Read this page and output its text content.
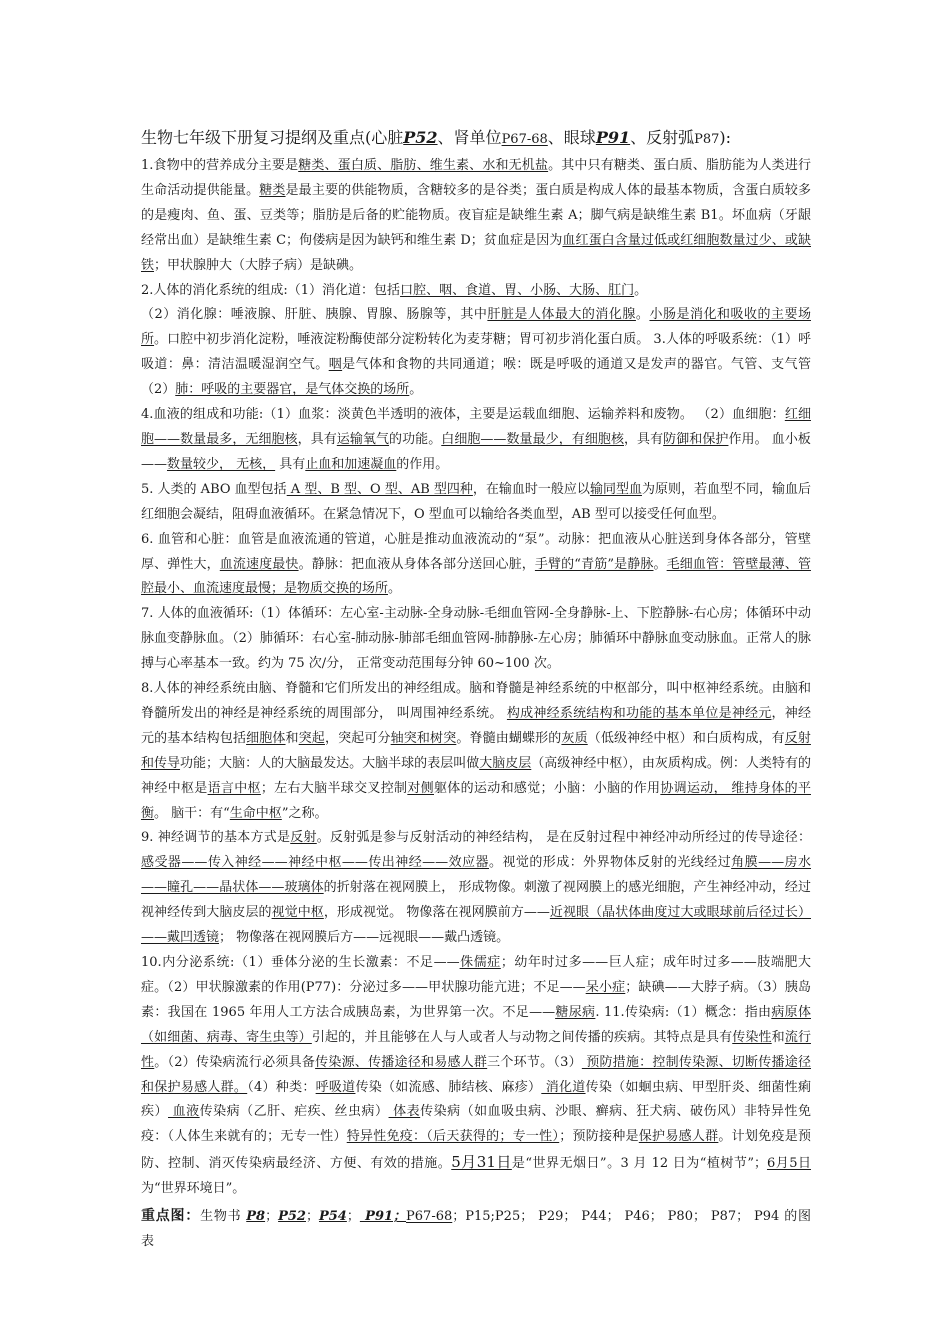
生物七年级下册复习提纲及重点(心脏P52、肾单位P67-68、眼球P91、反射弧P87):

1.食物中的营养成分主要是糖类、蛋白质、脂肪、维生素、水和无机盐。其中只有糖类、蛋白质、脂肪能为人类进行生命活动提供能量。糖类是最主要的供能物质，含糖较多的是谷类；蛋白质是构成人体的最基本物质，含蛋白质较多的是瘦肉、鱼、蛋、豆类等；脂肪是后备的贮能物质。夜盲症是缺维生素 A；脚气病是缺维生素 B1。坏血病（牙龈经常出血）是缺维生素 C；佝偻病是因为缺钙和维生素 D；贫血症是因为血红蛋白含量过低或红细胞数量过少、或缺铁；甲状腺肿大（大脖子病）是缺碘。

2.人体的消化系统的组成:（1）消化道：包括口腔、咽、食道、胃、小肠、大肠、肛门。

（2）消化腺：唾液腺、肝脏、胰腺、胃腺、肠腺等，其中肝脏是人体最大的消化腺。小肠是消化和吸收的主要场所。口腔中初步消化淀粉，唾液淀粉酶使部分淀粉转化为麦芽糖；胃可初步消化蛋白质。 3.人体的呼吸系统：（1）呼吸道：鼻：清洁温暖湿润空气。咽是气体和食物的共同通道；喉：既是呼吸的通道又是发声的器官。气管、支气管（2）肺：呼吸的主要器官，是气体交换的场所。

4.血液的组成和功能:（1）血浆：淡黄色半透明的液体，主要是运载血细胞、运输养料和废物。 （2）血细胞：红细胞——数量最多，无细胞核，具有运输氧气的功能。白细胞——数量最少，有细胞核，具有防御和保护作用。 血小板——数量较少， 无核， 具有止血和加速凝血的作用。

5. 人类的 ABO 血型包括 A 型、B 型、O 型、AB 型四种，在输血时一般应以输同型血为原则，若血型不同，输血后红细胞会凝结，阻碍血液循环。在紧急情况下，O 型血可以输给各类血型，AB 型可以接受任何血型。

6. 血管和心脏：血管是血液流通的管道，心脏是推动血液流动的“泵”。动脉：把血液从心脏送到身体各部分，管壁厚、弹性大，血流速度最快。静脉：把血液从身体各部分送回心脏，手臂的“青筋”是静脉。毛细血管：管壁最薄、管腔最小、血流速度最慢；是物质交换的场所。

7. 人体的血液循环:（1）体循环：左心室-主动脉-全身动脉-毛细血管网-全身静脉-上、下腔静脉-右心房；体循环中动脉血变静脉血。（2）肺循环：右心室-肺动脉-肺部毛细血管网-肺静脉-左心房；肺循环中静脉血变动脉血。正常人的脉搏与心率基本一致。约为 75 次/分， 正常变动范围每分钟 60~100 次。

8.人体的神经系统由脑、脊髓和它们所发出的神经组成。脑和脊髓是神经系统的中枢部分，叫中枢神经系统。由脑和脊髓所发出的神经是神经系统的周围部分， 叫周围神经系统。 构成神经系统结构和功能的基本单位是神经元，神经元的基本结构包括细胞体和突起，突起可分轴突和树突。脊髓由蝴蝶形的灰质（低级神经中枢）和白质构成，有反射和传导功能；大脑：人的大脑最发达。大脑半球的表层叫做大脑皮层（高级神经中枢），由灰质构成。例：人类特有的神经中枢是语言中枢；左右大脑半球交叉控制对侧躯体的运动和感觉；小脑：小脑的作用协调运动， 维持身体的平衡。 脑干：有“生命中枢”之称。

9. 神经调节的基本方式是反射。反射弧是参与反射活动的神经结构， 是在反射过程中神经冲动所经过的传导途径：感受器——传入神经——神经中枢——传出神经——效应器。视觉的形成：外界物体反射的光线经过角膜——房水——瞳孔——晶状体——玻璃体的折射落在视网膜上， 形成物像。刺激了视网膜上的感光细胞，产生神经冲动，经过视神经传到大脑皮层的视觉中枢，形成视觉。 物像落在视网膜前方——近视眼（晶状体曲度过大或眼球前后径过长）——戴凹透镜； 物像落在视网膜后方——远视眼——戴凸透镜。

10.内分泌系统:（1）垂体分泌的生长激素：不足——侏儒症；幼年时过多——巨人症；成年时过多——肢端肥大症。（2）甲状腺激素的作用(P77)：分泌过多——甲状腺功能亢进；不足——呆小症；缺碘——大脖子病。（3）胰岛素：我国在 1965 年用人工方法合成胰岛素，为世界第一次。不足——糖尿病. 11.传染病:（1）概念：指由病原体（如细菌、病毒、寄生虫等）引起的，并且能够在人与人或者人与动物之间传播的疾病。其特点是具有传染性和流行性。（2）传染病流行必须具备传染源、传播途径和易感人群三个环节。（3） 预防措施：控制传染源、切断传播途径和保护易感人群。（4）种类：呼吸道传染（如流感、肺结核、麻疹） 消化道传染（如蛔虫病、甲型肝炎、细菌性痢疾） 血液传染病（乙肝、疟疾、丝虫病） 体表传染病（如血吸虫病、沙眼、癣病、狂犬病、破伤风）非特异性免疫：（人体生来就有的；无专一性）特异性免疫：（后天获得的；专一性）；预防接种是保护易感人群。计划免疫是预防、控制、消灭传染病最经济、方便、有效的措施。5月31日是“世界无烟日”。3 月 12 日为“植树节”；6月5日为“世界环境日”。

重点图：生物书 P8；P52；P54； P91；P67-68；P15;P25； P29； P44； P46； P80； P87； P94 的图表
